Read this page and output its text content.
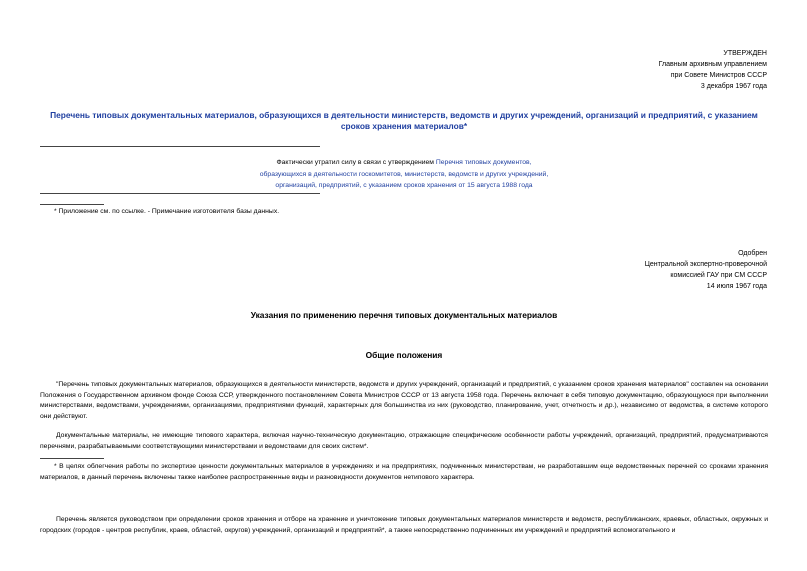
УТВЕРЖДЕН
Главным архивным управлением
при Совете Министров СССР
3 декабря 1967 года
Перечень типовых документальных материалов, образующихся в деятельности министерств, ведомств и других учреждений, организаций и предприятий, с указанием сроков хранения материалов*
Фактически утратил силу в связи с утверждением Перечня типовых документов,
образующихся в деятельности госкомитетов, министерств, ведомств и других учреждений,
организаций, предприятий, с указанием сроков хранения от 15 августа 1988 года
* Приложение см. по ссылке. - Примечание изготовителя базы данных.
Одобрен
Центральной экспертно-проверочной
комиссией ГАУ при СМ СССР
14 июля 1967 года
Указания по применению перечня типовых документальных материалов
Общие положения
"Перечень типовых документальных материалов, образующихся в деятельности министерств, ведомств и других учреждений, организаций и предприятий, с указанием сроков хранения материалов" составлен на основании Положения о Государственном архивном фонде Союза ССР, утвержденного постановлением Совета Министров СССР от 13 августа 1958 года. Перечень включает в себя типовую документацию, образующуюся при выполнении министерствами, ведомствами, учреждениями, организациями, предприятиями функций, характерных для большинства из них (руководство, планирование, учет, отчетность и др.), независимо от ведомства, в системе которого они действуют.
Документальные материалы, не имеющие типового характера, включая научно-техническую документацию, отражающие специфические особенности работы учреждений, организаций, предприятий, предусматриваются перечнями, разрабатываемыми соответствующими министерствами и ведомствами для своих систем*.
* В целях облегчения работы по экспертизе ценности документальных материалов в учреждениях и на предприятиях, подчиненных министерствам, не разработавшим еще ведомственных перечней со сроками хранения материалов, в данный перечень включены также наиболее распространенные виды и разновидности документов нетипового характера.
Перечень является руководством при определении сроков хранения и отборе на хранение и уничтожение типовых документальных материалов министерств и ведомств, республиканских, краевых, областных, окружных и городских (городов - центров республик, краев, областей, округов) учреждений, организаций и предприятий*, а также непосредственно подчиненных им учреждений и предприятий вспомогательного и
